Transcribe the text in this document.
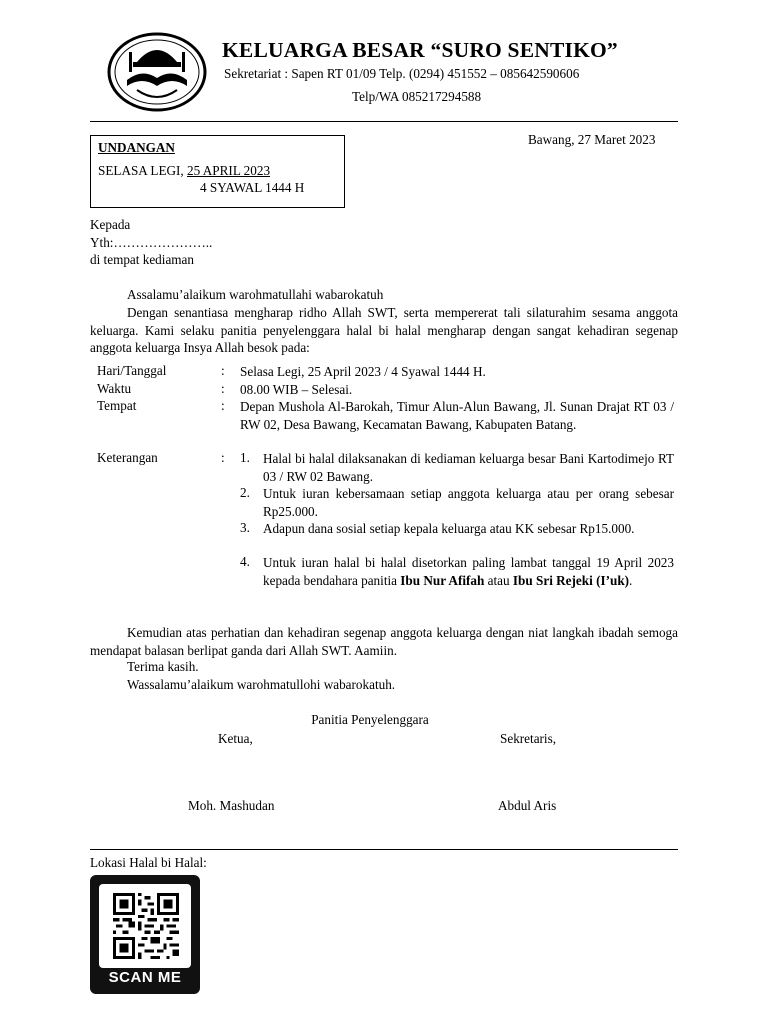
KELUARGA BESAR “SURO SENTIKO”
Sekretariat : Sapen RT 01/09 Telp. (0294) 451552 – 085642590606
Telp/WA 085217294588
Bawang, 27 Maret 2023
UNDANGAN
SELASA LEGI, 25 APRIL 2023
4 SYAWAL 1444 H
Kepada
Yth:…………………..
di tempat kediaman
Assalamu’alaikum warohmatullahi wabarokatuh
Dengan senantiasa mengharap ridho Allah SWT, serta mempererat tali silaturahim sesama anggota keluarga. Kami selaku panitia penyelenggara halal bi halal mengharap dengan sangat kehadiran segenap anggota keluarga Insya Allah besok pada:
Hari/Tanggal	: Selasa Legi, 25 April 2023 / 4 Syawal 1444 H.
Waktu	: 08.00 WIB – Selesai.
Tempat	: Depan Mushola Al-Barokah, Timur Alun-Alun Bawang, Jl. Sunan Drajat RT 03 / RW 02, Desa Bawang, Kecamatan Bawang, Kabupaten Batang.
Keterangan	: 1. Halal bi halal dilaksanakan di kediaman keluarga besar Bani Kartodimejo RT 03 / RW 02 Bawang.
2. Untuk iuran kebersamaan setiap anggota keluarga atau per orang sebesar Rp25.000.
3. Adapun dana sosial setiap kepala keluarga atau KK sebesar Rp15.000.
4. Untuk iuran halal bi halal disetorkan paling lambat tanggal 19 April 2023 kepada bendahara panitia Ibu Nur Afifah atau Ibu Sri Rejeki (I’uk).
Kemudian atas perhatian dan kehadiran segenap anggota keluarga dengan niat langkah ibadah semoga mendapat balasan berlipat ganda dari Allah SWT. Aamiin.
Terima kasih.
Wassalamu’alaikum warohmatullohi wabarokatuh.
Panitia Penyelenggara
Ketua,	Sekretaris,
Moh. Mashudan	Abdul Aris
Lokasi Halal bi Halal:
SCAN ME
